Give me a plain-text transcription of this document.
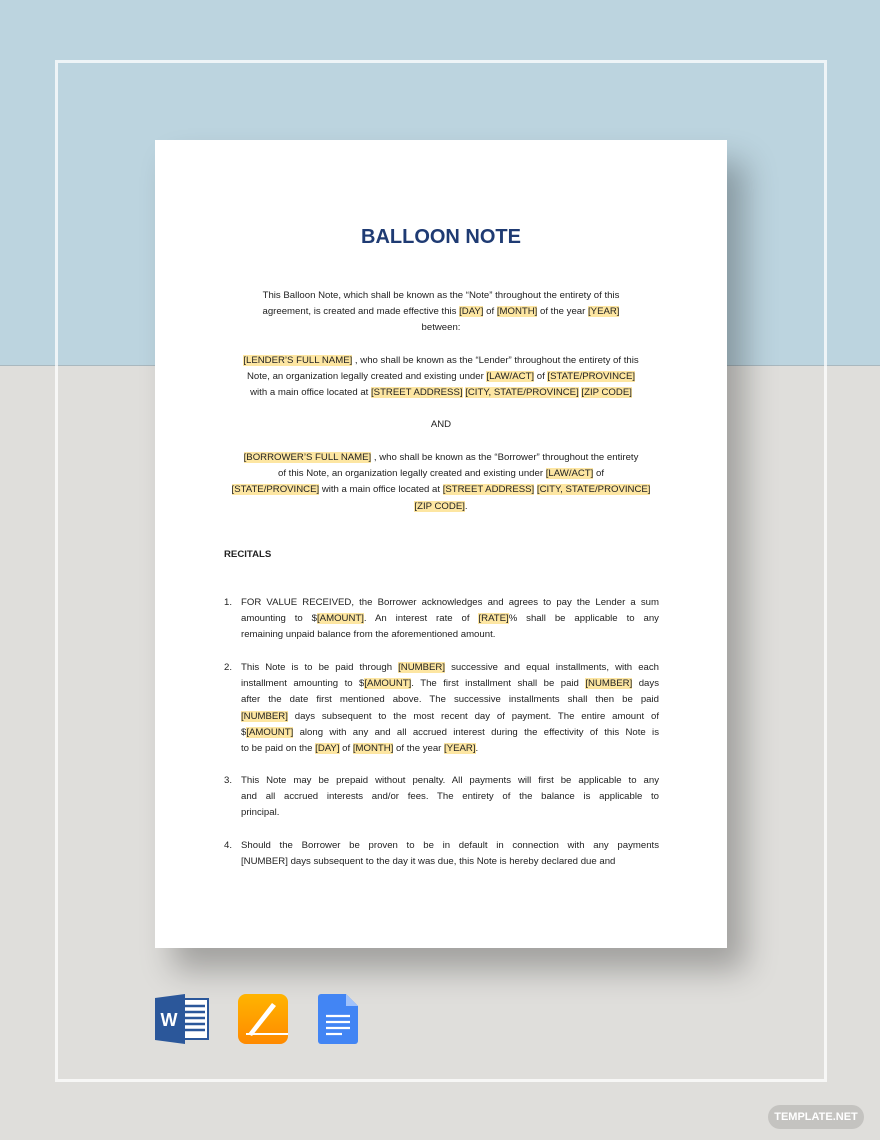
BALLOON NOTE
This Balloon Note, which shall be known as the “Note” throughout the entirety of this
agreement, is created and made effective this [DAY] of [MONTH] of the year [YEAR]
between:
[LENDER’S FULL NAME] , who shall be known as the “Lender” throughout the entirety of this
Note, an organization legally created and existing under [LAW/ACT] of [STATE/PROVINCE]
with a main office located at [STREET ADDRESS] [CITY, STATE/PROVINCE] [ZIP CODE]
AND
[BORROWER’S FULL NAME] , who shall be known as the “Borrower” throughout the entirety
of this Note, an organization legally created and existing under [LAW/ACT] of
[STATE/PROVINCE] with a main office located at [STREET ADDRESS] [CITY, STATE/PROVINCE]
[ZIP CODE].
RECITALS
1. FOR VALUE RECEIVED, the Borrower acknowledges and agrees to pay the Lender a sum
amounting to $[AMOUNT]. An interest rate of [RATE]% shall be applicable to any
remaining unpaid balance from the aforementioned amount.
2. This Note is to be paid through [NUMBER] successive and equal installments, with each
installment amounting to $[AMOUNT]. The first installment shall be paid [NUMBER] days
after the date first mentioned above. The successive installments shall then be paid
[NUMBER] days subsequent to the most recent day of payment. The entire amount of
$[AMOUNT] along with any and all accrued interest during the effectivity of this Note is
to be paid on the [DAY] of [MONTH] of the year [YEAR].
3. This Note may be prepaid without penalty. All payments will first be applicable to any
and all accrued interests and/or fees. The entirety of the balance is applicable to
principal.
4. Should the Borrower be proven to be in default in connection with any payments
[NUMBER] days subsequent to the day it was due, this Note is hereby declared due and
W
TEMPLATE.NET
